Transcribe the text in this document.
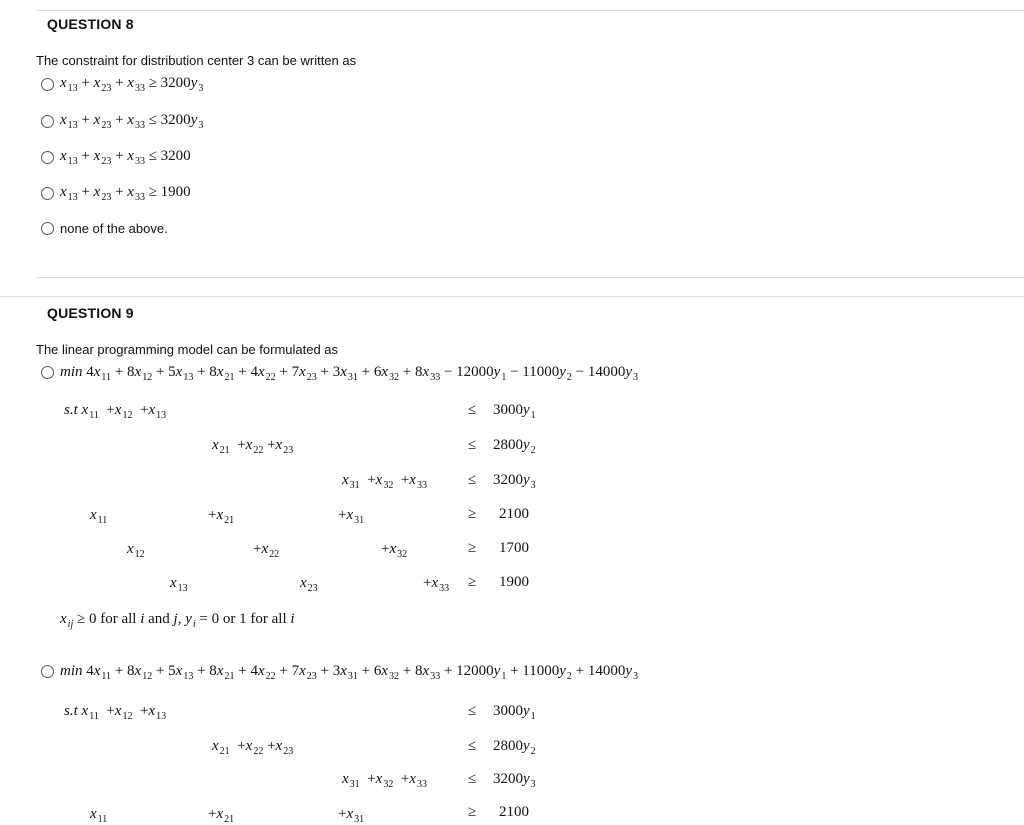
QUESTION 8
The constraint for distribution center 3 can be written as
$x_{13} + x_{23} + x_{33} \ge 3200y_3$
$x_{13} + x_{23} + x_{33} \le 3200y_3$
$x_{13} + x_{23} + x_{33} \le 3200$
$x_{13} + x_{23} + x_{33} \ge 1900$
none of the above.
QUESTION 9
The linear programming model can be formulated as
$\min 4x_{11} + 8x_{12} + 5x_{13} + 8x_{21} + 4x_{22} + 7x_{23} + 3x_{31} + 6x_{32} + 8x_{33} - 12000y_1 - 11000y_2 - 14000y_3$
s.t $x_{11} +x_{12} +x_{13}$	≤ $3000y_1$
$x_{21} +x_{22} +x_{23}$	≤ $2800y_2$
$x_{31} +x_{32} +x_{33}$	≤ $3200y_3$
$x_{11}$	$+x_{21}$	$+x_{31}$	≥ 2100
$x_{12}$	$+x_{22}$	$+x_{32}$	≥ 1700
$x_{13}$	$x_{23}$	$+x_{33} \ge 1900$
$x_{ij} \ge 0$ for all i and j, $y_i = 0$ or 1 for all i
$\min 4x_{11} + 8x_{12} + 5x_{13} + 8x_{21} + 4x_{22} + 7x_{23} + 3x_{31} + 6x_{32} + 8x_{33} + 12000y_1 + 11000y_2 + 14000y_3$
s.t $x_{11} +x_{12} +x_{13}$	≤ $3000y_1$
$x_{21} +x_{22} +x_{23}$	≤ $2800y_2$
$x_{31} +x_{32} +x_{33}$	≤ $3200y_3$
$x_{11}$	$+x_{21}$	$+x_{31}$	≥ 2100
